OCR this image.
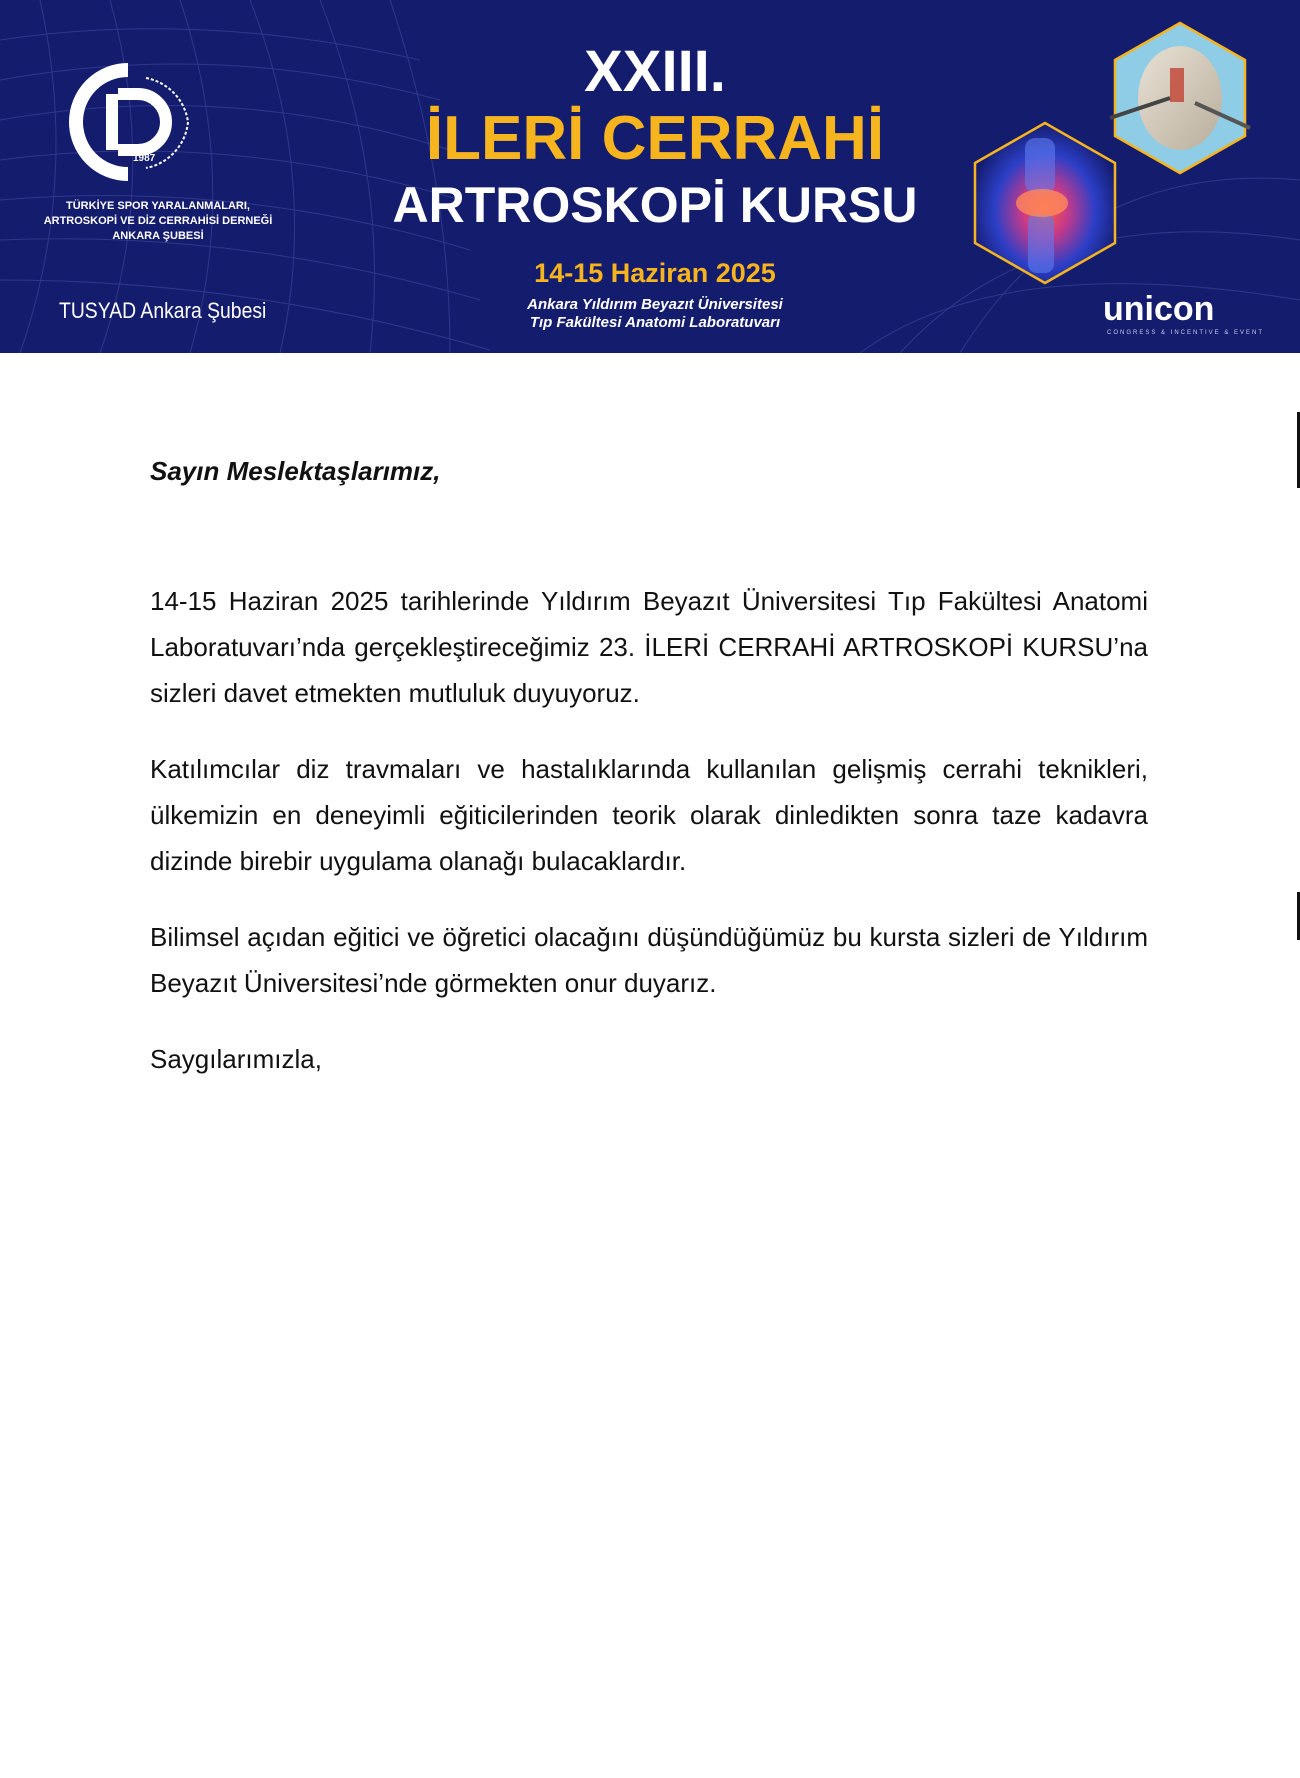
1987
TÜRKİYE SPOR YARALANMALARI,
ARTROSKOPİ VE DİZ CERRAHİSİ DERNEĞİ
ANKARA ŞUBESİ
TUSYAD Ankara Şubesi
XXIII.
İLERİ CERRAHİ
ARTROSKOPİ KURSU
14-15 Haziran 2025
Ankara Yıldırım Beyazıt Üniversitesi
Tıp Fakültesi Anatomi Laboratuvarı	unicon
CONGRESS & INCENTIVE & EVENT

Sayın Meslektaşlarımız,

14-15 Haziran 2025 tarihlerinde Yıldırım Beyazıt Üniversitesi Tıp Fakültesi Anatomi Laboratuvarı’nda gerçekleştireceğimiz 23. İLERİ CERRAHİ ARTROSKOPİ KURSU’na sizleri davet etmekten mutluluk duyuyoruz.

Katılımcılar diz travmaları ve hastalıklarında kullanılan gelişmiş cerrahi teknikleri, ülkemizin en deneyimli eğiticilerinden teorik olarak dinledikten sonra taze kadavra dizinde birebir uygulama olanağı bulacaklardır.

Bilimsel açıdan eğitici ve öğretici olacağını düşündüğümüz bu kursta sizleri de Yıldırım Beyazıt Üniversitesi’nde görmekten onur duyarız.

Saygılarımızla,
